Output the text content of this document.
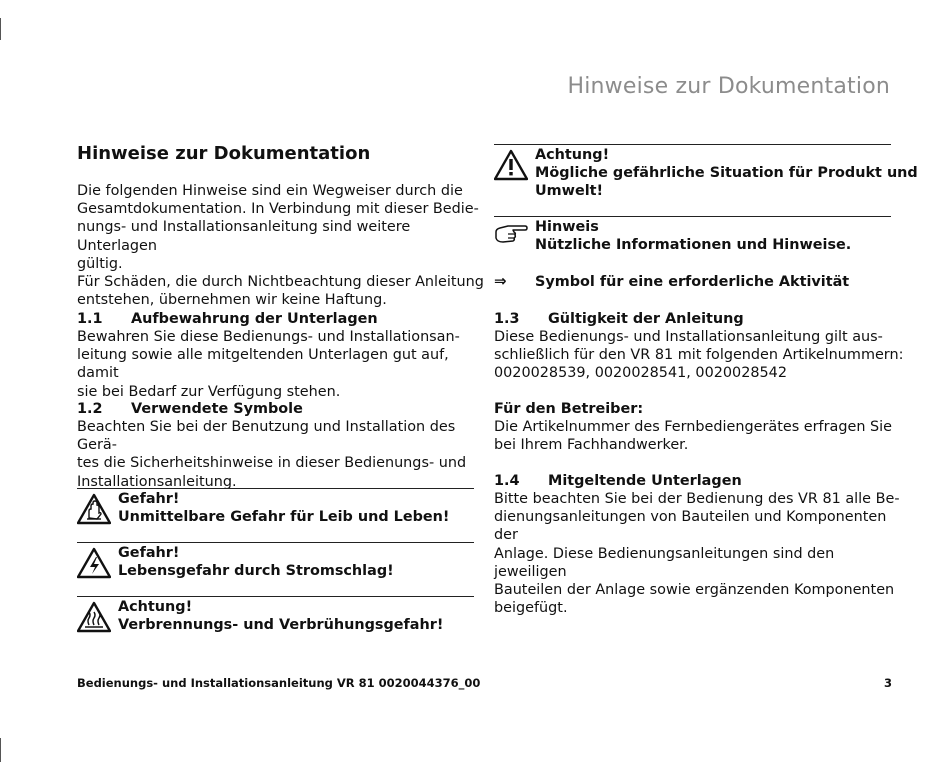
Hinweise zur Dokumentation
Hinweise zur Dokumentation
Die folgenden Hinweise sind ein Wegweiser durch die
Gesamtdokumentation. In Verbindung mit dieser Bedie-
nungs- und Installationsanleitung sind weitere Unterlagen
gültig.
Für Schäden, die durch Nichtbeachtung dieser Anleitung
entstehen, übernehmen wir keine Haftung.
1.1 Aufbewahrung der Unterlagen
Bewahren Sie diese Bedienungs- und Installationsan-
leitung sowie alle mitgeltenden Unterlagen gut auf, damit
sie bei Bedarf zur Verfügung stehen.
1.2 Verwendete Symbole
Beachten Sie bei der Benutzung und Installation des Gerä-
tes die Sicherheitshinweise in dieser Bedienungs- und
Installationsanleitung.
Gefahr!
Unmittelbare Gefahr für Leib und Leben!
Gefahr!
Lebensgefahr durch Stromschlag!
Achtung!
Verbrennungs- und Verbrühungsgefahr!
Achtung!
Mögliche gefährliche Situation für Produkt und
Umwelt!
Hinweis
Nützliche Informationen und Hinweise.
⇒ Symbol für eine erforderliche Aktivität
1.3 Gültigkeit der Anleitung
Diese Bedienungs- und Installationsanleitung gilt aus-
schließlich für den VR 81 mit folgenden Artikelnummern:
0020028539, 0020028541, 0020028542
Für den Betreiber:
Die Artikelnummer des Fernbediengerätes erfragen Sie
bei Ihrem Fachhandwerker.
1.4 Mitgeltende Unterlagen
Bitte beachten Sie bei der Bedienung des VR 81 alle Be-
dienungsanleitungen von Bauteilen und Komponenten der
Anlage. Diese Bedienungsanleitungen sind den jeweiligen
Bauteilen der Anlage sowie ergänzenden Komponenten
beigefügt.
Bedienungs- und Installationsanleitung VR 81 0020044376_00	3
